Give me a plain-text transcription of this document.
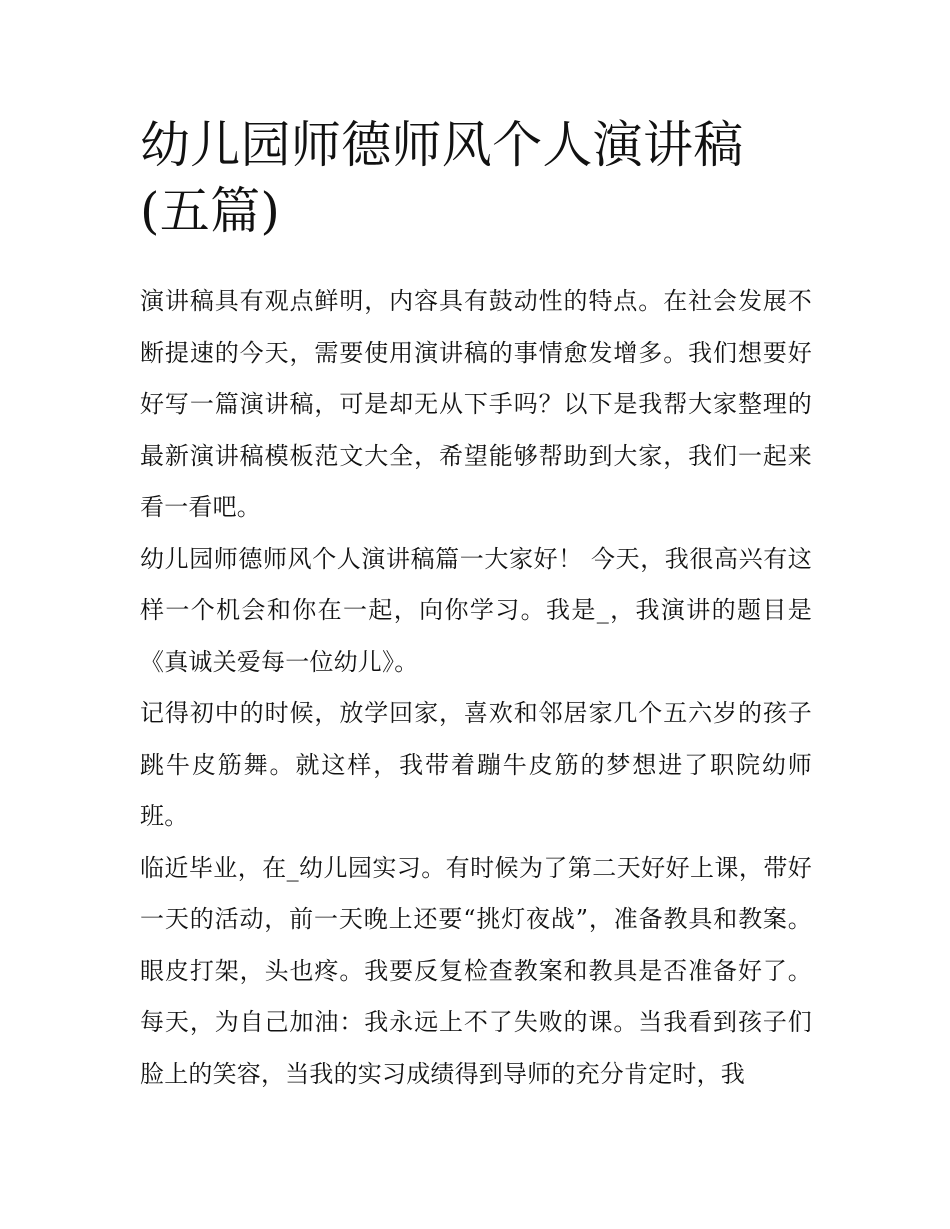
幼儿园师德师风个人演讲稿(五篇)

演讲稿具有观点鲜明，内容具有鼓动性的特点。在社会发展不断提速的今天，需要使用演讲稿的事情愈发增多。我们想要好好写一篇演讲稿，可是却无从下手吗？以下是我帮大家整理的最新演讲稿模板范文大全，希望能够帮助到大家，我们一起来看一看吧。

幼儿园师德师风个人演讲稿篇一大家好！ 今天，我很高兴有这样一个机会和你在一起，向你学习。我是_，我演讲的题目是《真诚关爱每一位幼儿》。

记得初中的时候，放学回家，喜欢和邻居家几个五六岁的孩子跳牛皮筋舞。就这样，我带着蹦牛皮筋的梦想进了职院幼师班。

临近毕业，在_幼儿园实习。有时候为了第二天好好上课，带好一天的活动，前一天晚上还要“挑灯夜战”，准备教具和教案。眼皮打架，头也疼。我要反复检查教案和教具是否准备好了。每天，为自己加油：我永远上不了失败的课。当我看到孩子们脸上的笑容，当我的实习成绩得到导师的充分肯定时，我
